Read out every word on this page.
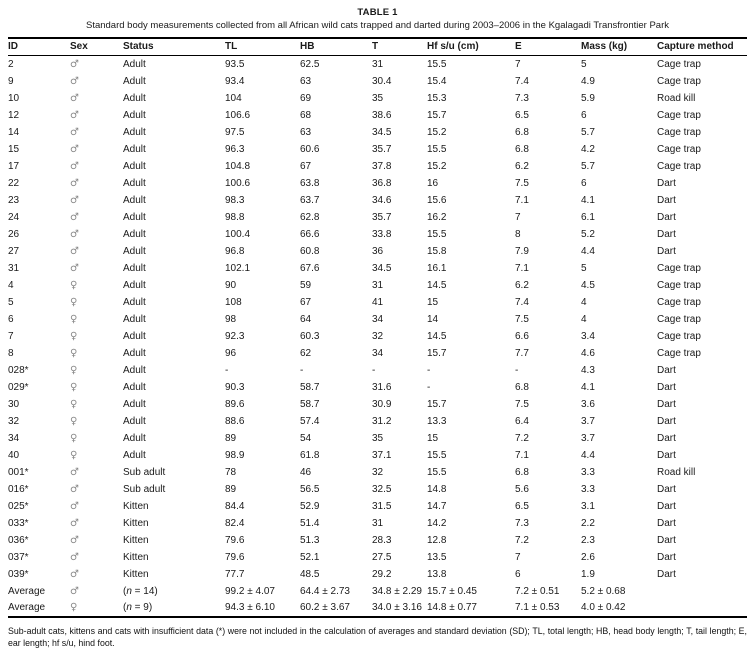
TABLE 1
Standard body measurements collected from all African wild cats trapped and darted during 2003–2006 in the Kgalagadi Transfrontier Park
ID	Sex	Status	TL	HB	T	Hf s/u (cm)	E	Mass (kg)	Capture method
2	♂	Adult	93.5	62.5	31	15.5	7	5	Cage trap
9	♂	Adult	93.4	63	30.4	15.4	7.4	4.9	Cage trap
10	♂	Adult	104	69	35	15.3	7.3	5.9	Road kill
12	♂	Adult	106.6	68	38.6	15.7	6.5	6	Cage trap
14	♂	Adult	97.5	63	34.5	15.2	6.8	5.7	Cage trap
15	♂	Adult	96.3	60.6	35.7	15.5	6.8	4.2	Cage trap
17	♂	Adult	104.8	67	37.8	15.2	6.2	5.7	Cage trap
22	♂	Adult	100.6	63.8	36.8	16	7.5	6	Dart
23	♂	Adult	98.3	63.7	34.6	15.6	7.1	4.1	Dart
24	♂	Adult	98.8	62.8	35.7	16.2	7	6.1	Dart
26	♂	Adult	100.4	66.6	33.8	15.5	8	5.2	Dart
27	♂	Adult	96.8	60.8	36	15.8	7.9	4.4	Dart
31	♂	Adult	102.1	67.6	34.5	16.1	7.1	5	Cage trap
4	♀	Adult	90	59	31	14.5	6.2	4.5	Cage trap
5	♀	Adult	108	67	41	15	7.4	4	Cage trap
6	♀	Adult	98	64	34	14	7.5	4	Cage trap
7	♀	Adult	92.3	60.3	32	14.5	6.6	3.4	Cage trap
8	♀	Adult	96	62	34	15.7	7.7	4.6	Cage trap
028*	♀	Adult	-	-	-	-	-	4.3	Dart
029*	♀	Adult	90.3	58.7	31.6	-	6.8	4.1	Dart
30	♀	Adult	89.6	58.7	30.9	15.7	7.5	3.6	Dart
32	♀	Adult	88.6	57.4	31.2	13.3	6.4	3.7	Dart
34	♀	Adult	89	54	35	15	7.2	3.7	Dart
40	♀	Adult	98.9	61.8	37.1	15.5	7.1	4.4	Dart
001*	♂	Sub adult	78	46	32	15.5	6.8	3.3	Road kill
016*	♂	Sub adult	89	56.5	32.5	14.8	5.6	3.3	Dart
025*	♂	Kitten	84.4	52.9	31.5	14.7	6.5	3.1	Dart
033*	♂	Kitten	82.4	51.4	31	14.2	7.3	2.2	Dart
036*	♂	Kitten	79.6	51.3	28.3	12.8	7.2	2.3	Dart
037*	♂	Kitten	79.6	52.1	27.5	13.5	7	2.6	Dart
039*	♂	Kitten	77.7	48.5	29.2	13.8	6	1.9	Dart
Average	♂	(n = 14)	99.2 ± 4.07	64.4 ± 2.73	34.8 ± 2.29	15.7 ± 0.45	7.2 ± 0.51	5.2 ± 0.68	
Average	♀	(n = 9)	94.3 ± 6.10	60.2 ± 3.67	34.0 ± 3.16	14.8 ± 0.77	7.1 ± 0.53	4.0 ± 0.42	
Sub-adult cats, kittens and cats with insufficient data (*) were not included in the calculation of averages and standard deviation (SD); TL, total length; HB, head body length; T, tail length; E, ear length; hf s/u, hind foot.
